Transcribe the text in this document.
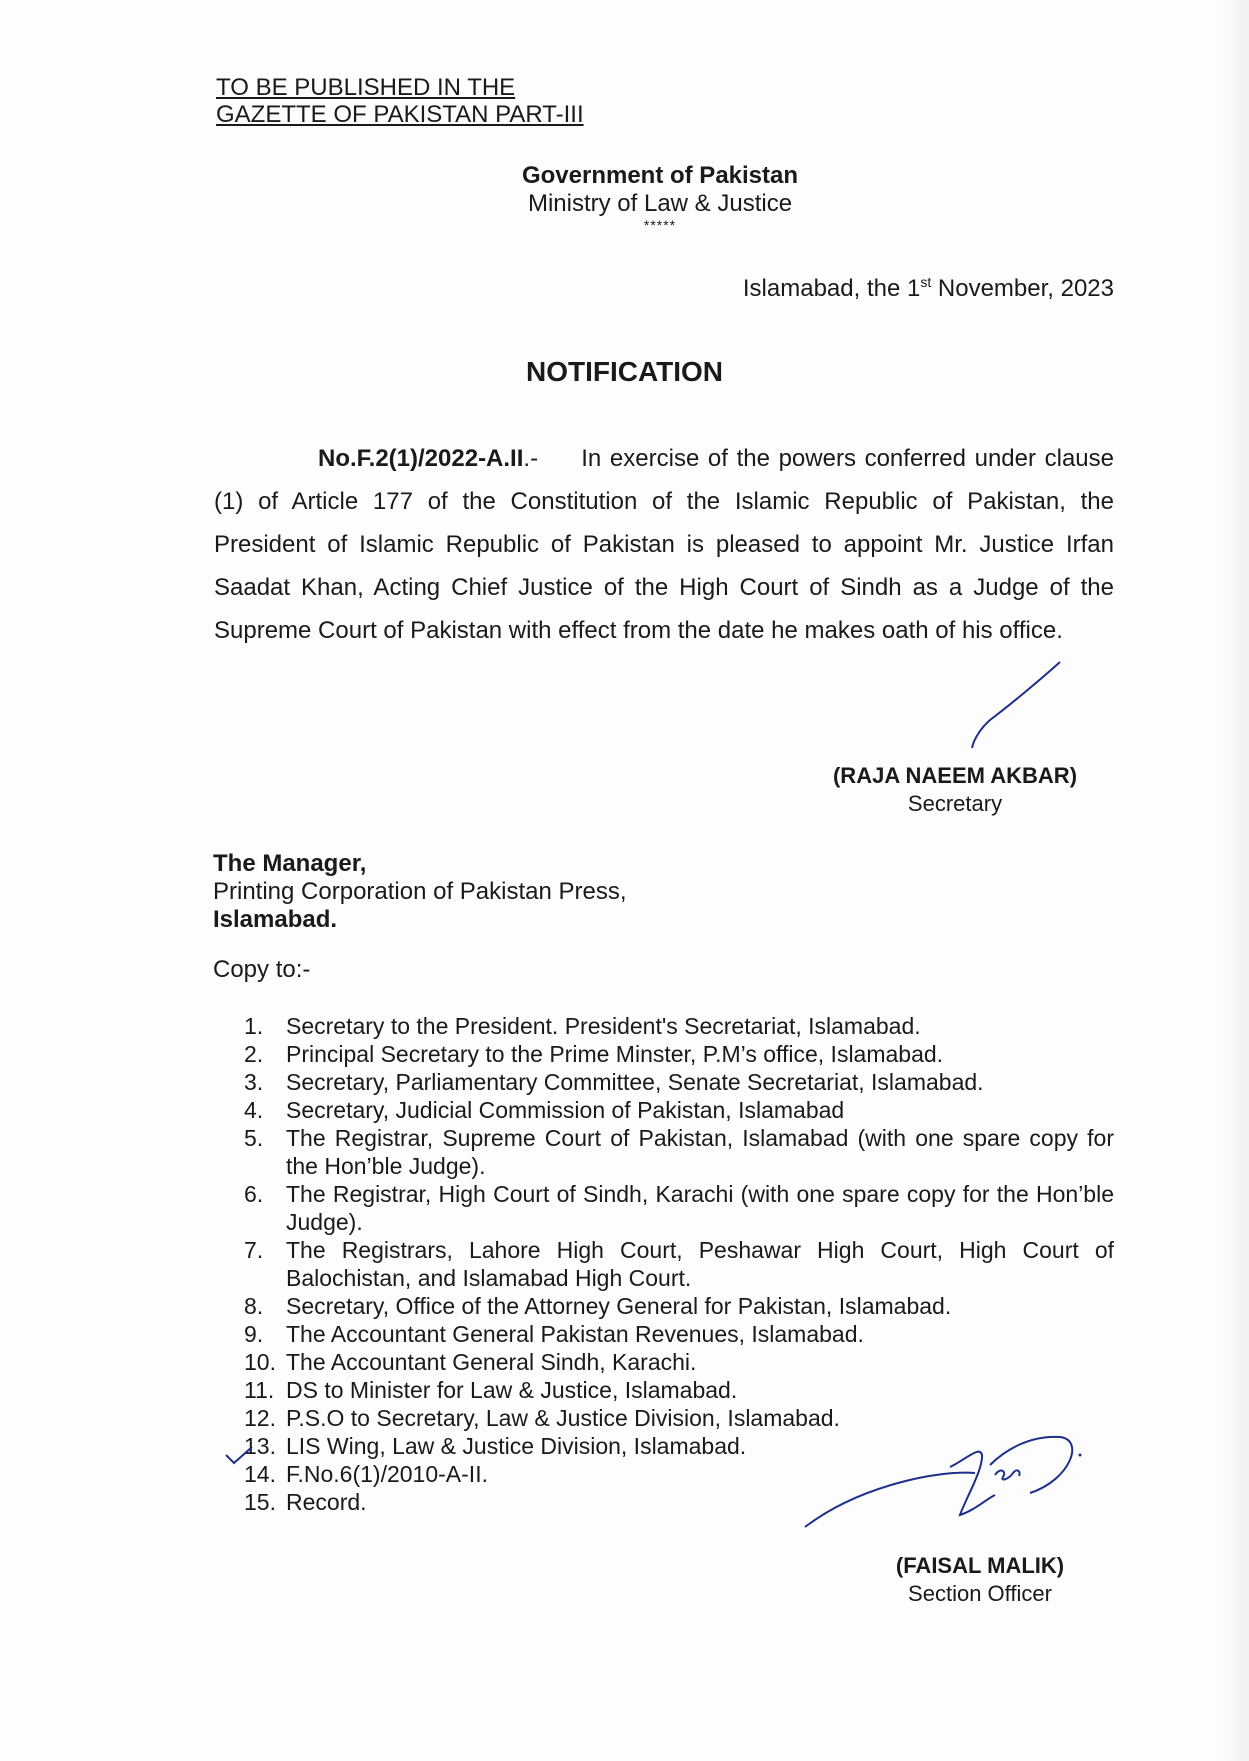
TO BE PUBLISHED IN THE
GAZETTE OF PAKISTAN PART-III
Government of Pakistan
Ministry of Law & Justice
*****
Islamabad, the 1st November, 2023
NOTIFICATION
No.F.2(1)/2022-A.II.- In exercise of the powers conferred under clause (1) of Article 177 of the Constitution of the Islamic Republic of Pakistan, the President of Islamic Republic of Pakistan is pleased to appoint Mr. Justice Irfan Saadat Khan, Acting Chief Justice of the High Court of Sindh as a Judge of the Supreme Court of Pakistan with effect from the date he makes oath of his office.
(RAJA NAEEM AKBAR)
Secretary
The Manager,
Printing Corporation of Pakistan Press,
Islamabad.
Copy to:-
1. Secretary to the President. President's Secretariat, Islamabad.
2. Principal Secretary to the Prime Minster, P.M’s office, Islamabad.
3. Secretary, Parliamentary Committee, Senate Secretariat, Islamabad.
4. Secretary, Judicial Commission of Pakistan, Islamabad
5. The Registrar, Supreme Court of Pakistan, Islamabad (with one spare copy for the Hon’ble Judge).
6. The Registrar, High Court of Sindh, Karachi (with one spare copy for the Hon’ble Judge).
7. The Registrars, Lahore High Court, Peshawar High Court, High Court of Balochistan, and Islamabad High Court.
8. Secretary, Office of the Attorney General for Pakistan, Islamabad.
9. The Accountant General Pakistan Revenues, Islamabad.
10. The Accountant General Sindh, Karachi.
11. DS to Minister for Law & Justice, Islamabad.
12. P.S.O to Secretary, Law & Justice Division, Islamabad.
13. LIS Wing, Law & Justice Division, Islamabad.
14. F.No.6(1)/2010-A-II.
15. Record.
(FAISAL MALIK)
Section Officer
